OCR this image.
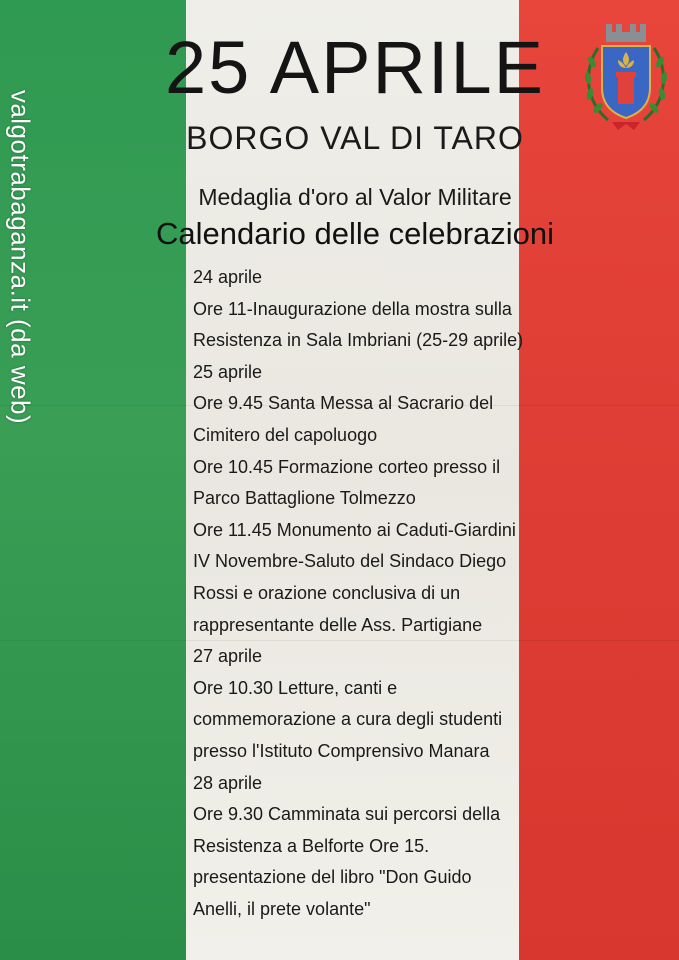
valgotrabaganza.it (da web)
25 APRILE
BORGO VAL DI TARO
Medaglia d'oro al Valor Militare
Calendario delle celebrazioni
24 aprile
Ore 11-Inaugurazione della mostra sulla
Resistenza in Sala Imbriani (25-29 aprile)
25 aprile
Ore 9.45 Santa Messa al Sacrario del
Cimitero del capoluogo
Ore 10.45 Formazione corteo presso il
Parco Battaglione Tolmezzo
Ore 11.45 Monumento ai Caduti-Giardini
IV Novembre-Saluto del Sindaco Diego
Rossi e orazione conclusiva di un
rappresentante delle Ass. Partigiane
27 aprile
Ore 10.30 Letture, canti e
commemorazione a cura degli studenti
presso l'Istituto Comprensivo Manara
28 aprile
Ore 9.30 Camminata sui percorsi della
Resistenza a Belforte Ore 15.
presentazione del libro "Don Guido
Anelli, il prete volante"
